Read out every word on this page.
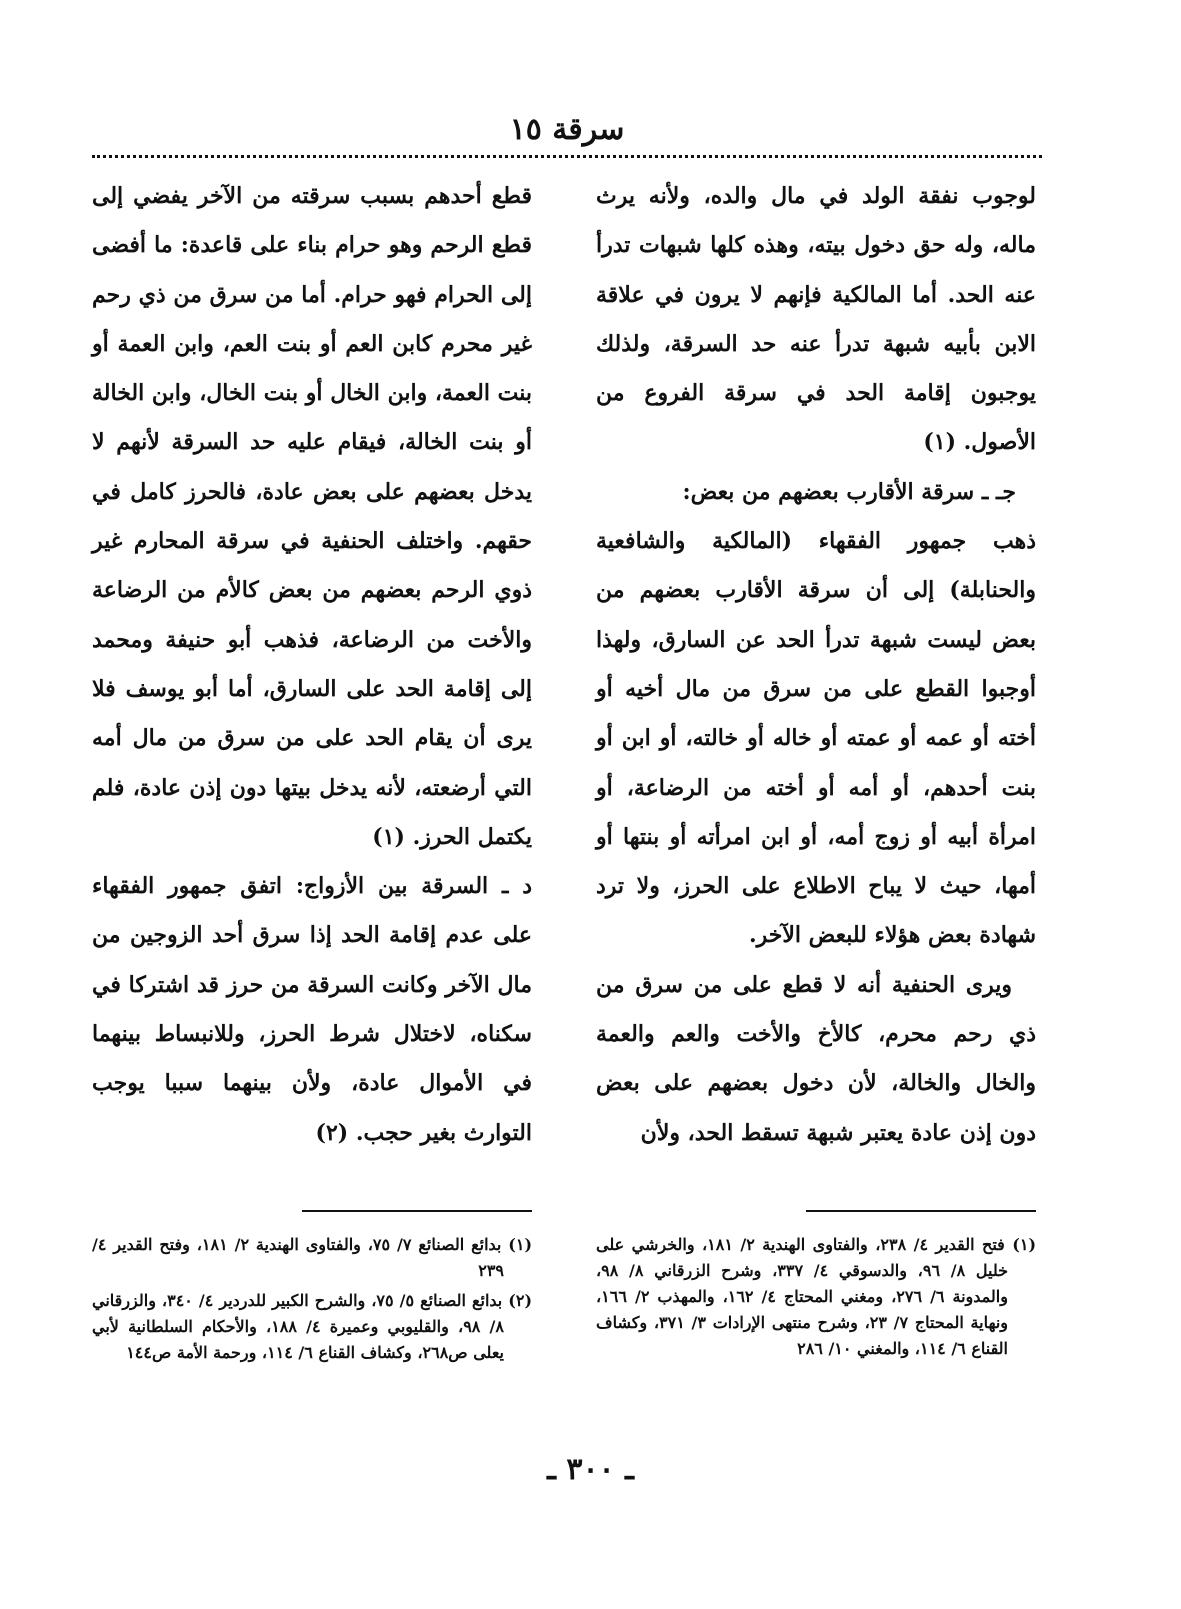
سرقة ١٥

لوجوب نفقة الولد في مال والده، ولأنه يرث ماله، وله حق دخول بيته، وهذه كلها شبهات تدرأ عنه الحد. أما المالكية فإنهم لا يرون في علاقة الابن بأبيه شبهة تدرأ عنه حد السرقة، ولذلك يوجبون إقامة الحد في سرقة الفروع من الأصول. (١)

جـ ـ سرقة الأقارب بعضهم من بعض:

ذهب جمهور الفقهاء (المالكية والشافعية والحنابلة) إلى أن سرقة الأقارب بعضهم من بعض ليست شبهة تدرأ الحد عن السارق، ولهذا أوجبوا القطع على من سرق من مال أخيه أو أخته أو عمه أو عمته أو خاله أو خالته، أو ابن أو بنت أحدهم، أو أمه أو أخته من الرضاعة، أو امرأة أبيه أو زوج أمه، أو ابن امرأته أو بنتها أو أمها، حيث لا يباح الاطلاع على الحرز، ولا ترد شهادة بعض هؤلاء للبعض الآخر.

ويرى الحنفية أنه لا قطع على من سرق من ذي رحم محرم، كالأخ والأخت والعم والعمة والخال والخالة، لأن دخول بعضهم على بعض دون إذن عادة يعتبر شبهة تسقط الحد، ولأن

قطع أحدهم بسبب سرقته من الآخر يفضي إلى قطع الرحم وهو حرام بناء على قاعدة: ما أفضى إلى الحرام فهو حرام. أما من سرق من ذي رحم غير محرم كابن العم أو بنت العم، وابن العمة أو بنت العمة، وابن الخال أو بنت الخال، وابن الخالة أو بنت الخالة، فيقام عليه حد السرقة لأنهم لا يدخل بعضهم على بعض عادة، فالحرز كامل في حقهم. واختلف الحنفية في سرقة المحارم غير ذوي الرحم بعضهم من بعض كالأم من الرضاعة والأخت من الرضاعة، فذهب أبو حنيفة ومحمد إلى إقامة الحد على السارق، أما أبو يوسف فلا يرى أن يقام الحد على من سرق من مال أمه التي أرضعته، لأنه يدخل بيتها دون إذن عادة، فلم يكتمل الحرز. (١)

د ـ السرقة بين الأزواج: اتفق جمهور الفقهاء على عدم إقامة الحد إذا سرق أحد الزوجين من مال الآخر وكانت السرقة من حرز قد اشتركا في سكناه، لاختلال شرط الحرز، وللانبساط بينهما في الأموال عادة، ولأن بينهما سببا يوجب التوارث بغير حجب. (٢)

(١) فتح القدير ٤/ ٢٣٨، والفتاوى الهندية ٢/ ١٨١، والخرشي على خليل ٨/ ٩٦، والدسوقي ٤/ ٣٣٧، وشرح الزرقاني ٨/ ٩٨، والمدونة ٦/ ٢٧٦، ومغني المحتاج ٤/ ١٦٢، والمهذب ٢/ ١٦٦، ونهاية المحتاج ٧/ ٢٣، وشرح منتهى الإرادات ٣/ ٣٧١، وكشاف القناع ٦/ ١١٤، والمغني ١٠/ ٢٨٦

(١) بدائع الصنائع ٧/ ٧٥، والفتاوى الهندية ٢/ ١٨١، وفتح القدير ٤/ ٢٣٩

(٢) بدائع الصنائع ٥/ ٧٥، والشرح الكبير للدردير ٤/ ٣٤٠، والزرقاني ٨/ ٩٨، والقليوبي وعميرة ٤/ ١٨٨، والأحكام السلطانية لأبي يعلى ص٢٦٨، وكشاف القناع ٦/ ١١٤، ورحمة الأمة ص١٤٤

ـ ٣٠٠ ـ
